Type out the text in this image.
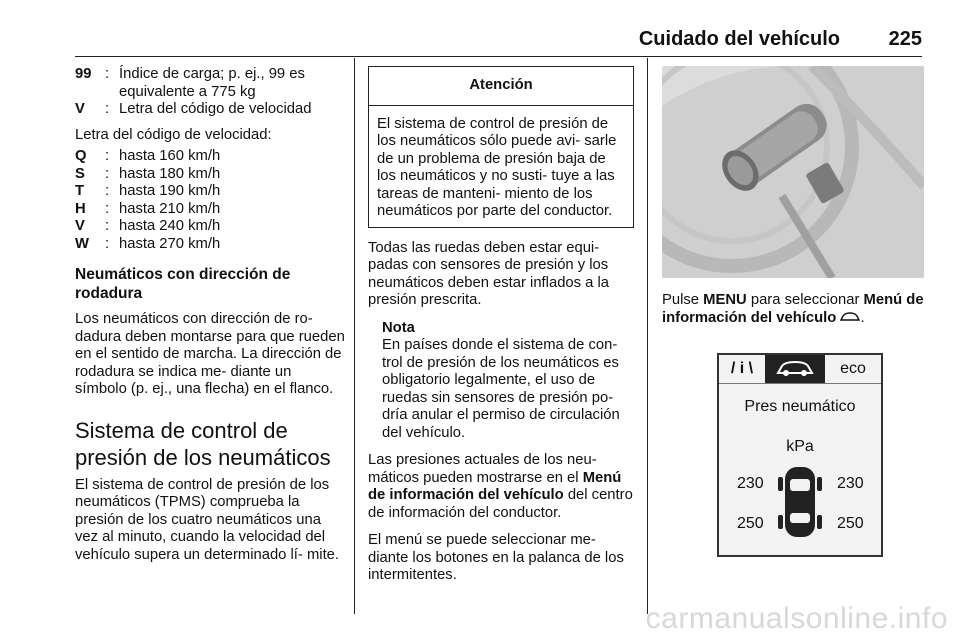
Cuidado del vehículo 225
99 : Índice de carga; p. ej., 99 es equivalente a 775 kg
V	: Letra del código de velocidad

Letra del código de velocidad:

Q	: hasta 160 km/h
S	: hasta 180 km/h
T	: hasta 190 km/h
H	: hasta 210 km/h
V	: hasta 240 km/h
W	: hasta 270 km/h
Neumáticos con dirección de rodadura

Los neumáticos con dirección de ro- dadura deben montarse para que rueden en el sentido de marcha. La dirección de rodadura se indica me- diante un símbolo (p. ej., una flecha) en el flanco.

Sistema de control de presión de los neumáticos

El sistema de control de presión de los neumáticos (TPMS) comprueba la presión de los cuatro neumáticos una vez al minuto, cuando la velocidad del vehículo supera un determinado lí- mite.

Atención
El sistema de control de presión de los neumáticos sólo puede avi- sarle de un problema de presión baja de los neumáticos y no susti- tuye a las tareas de manteni- miento de los neumáticos por parte del conductor.

Todas las ruedas deben estar equi- padas con sensores de presión y los neumáticos deben estar inflados a la presión prescrita.

Nota
En países donde el sistema de con- trol de presión de los neumáticos es obligatorio legalmente, el uso de ruedas sin sensores de presión po- dría anular el permiso de circulación del vehículo.

Las presiones actuales de los neu- máticos pueden mostrarse en el Menú de información del vehículo del centro de información del conductor.

El menú se puede seleccionar me- diante los botones en la palanca de los intermitentes.

Pulse MENU para seleccionar Menú de información del vehículo .

/ i \	eco
Pres neumático
kPa
230	230
250	250
carmanualsonline.info
